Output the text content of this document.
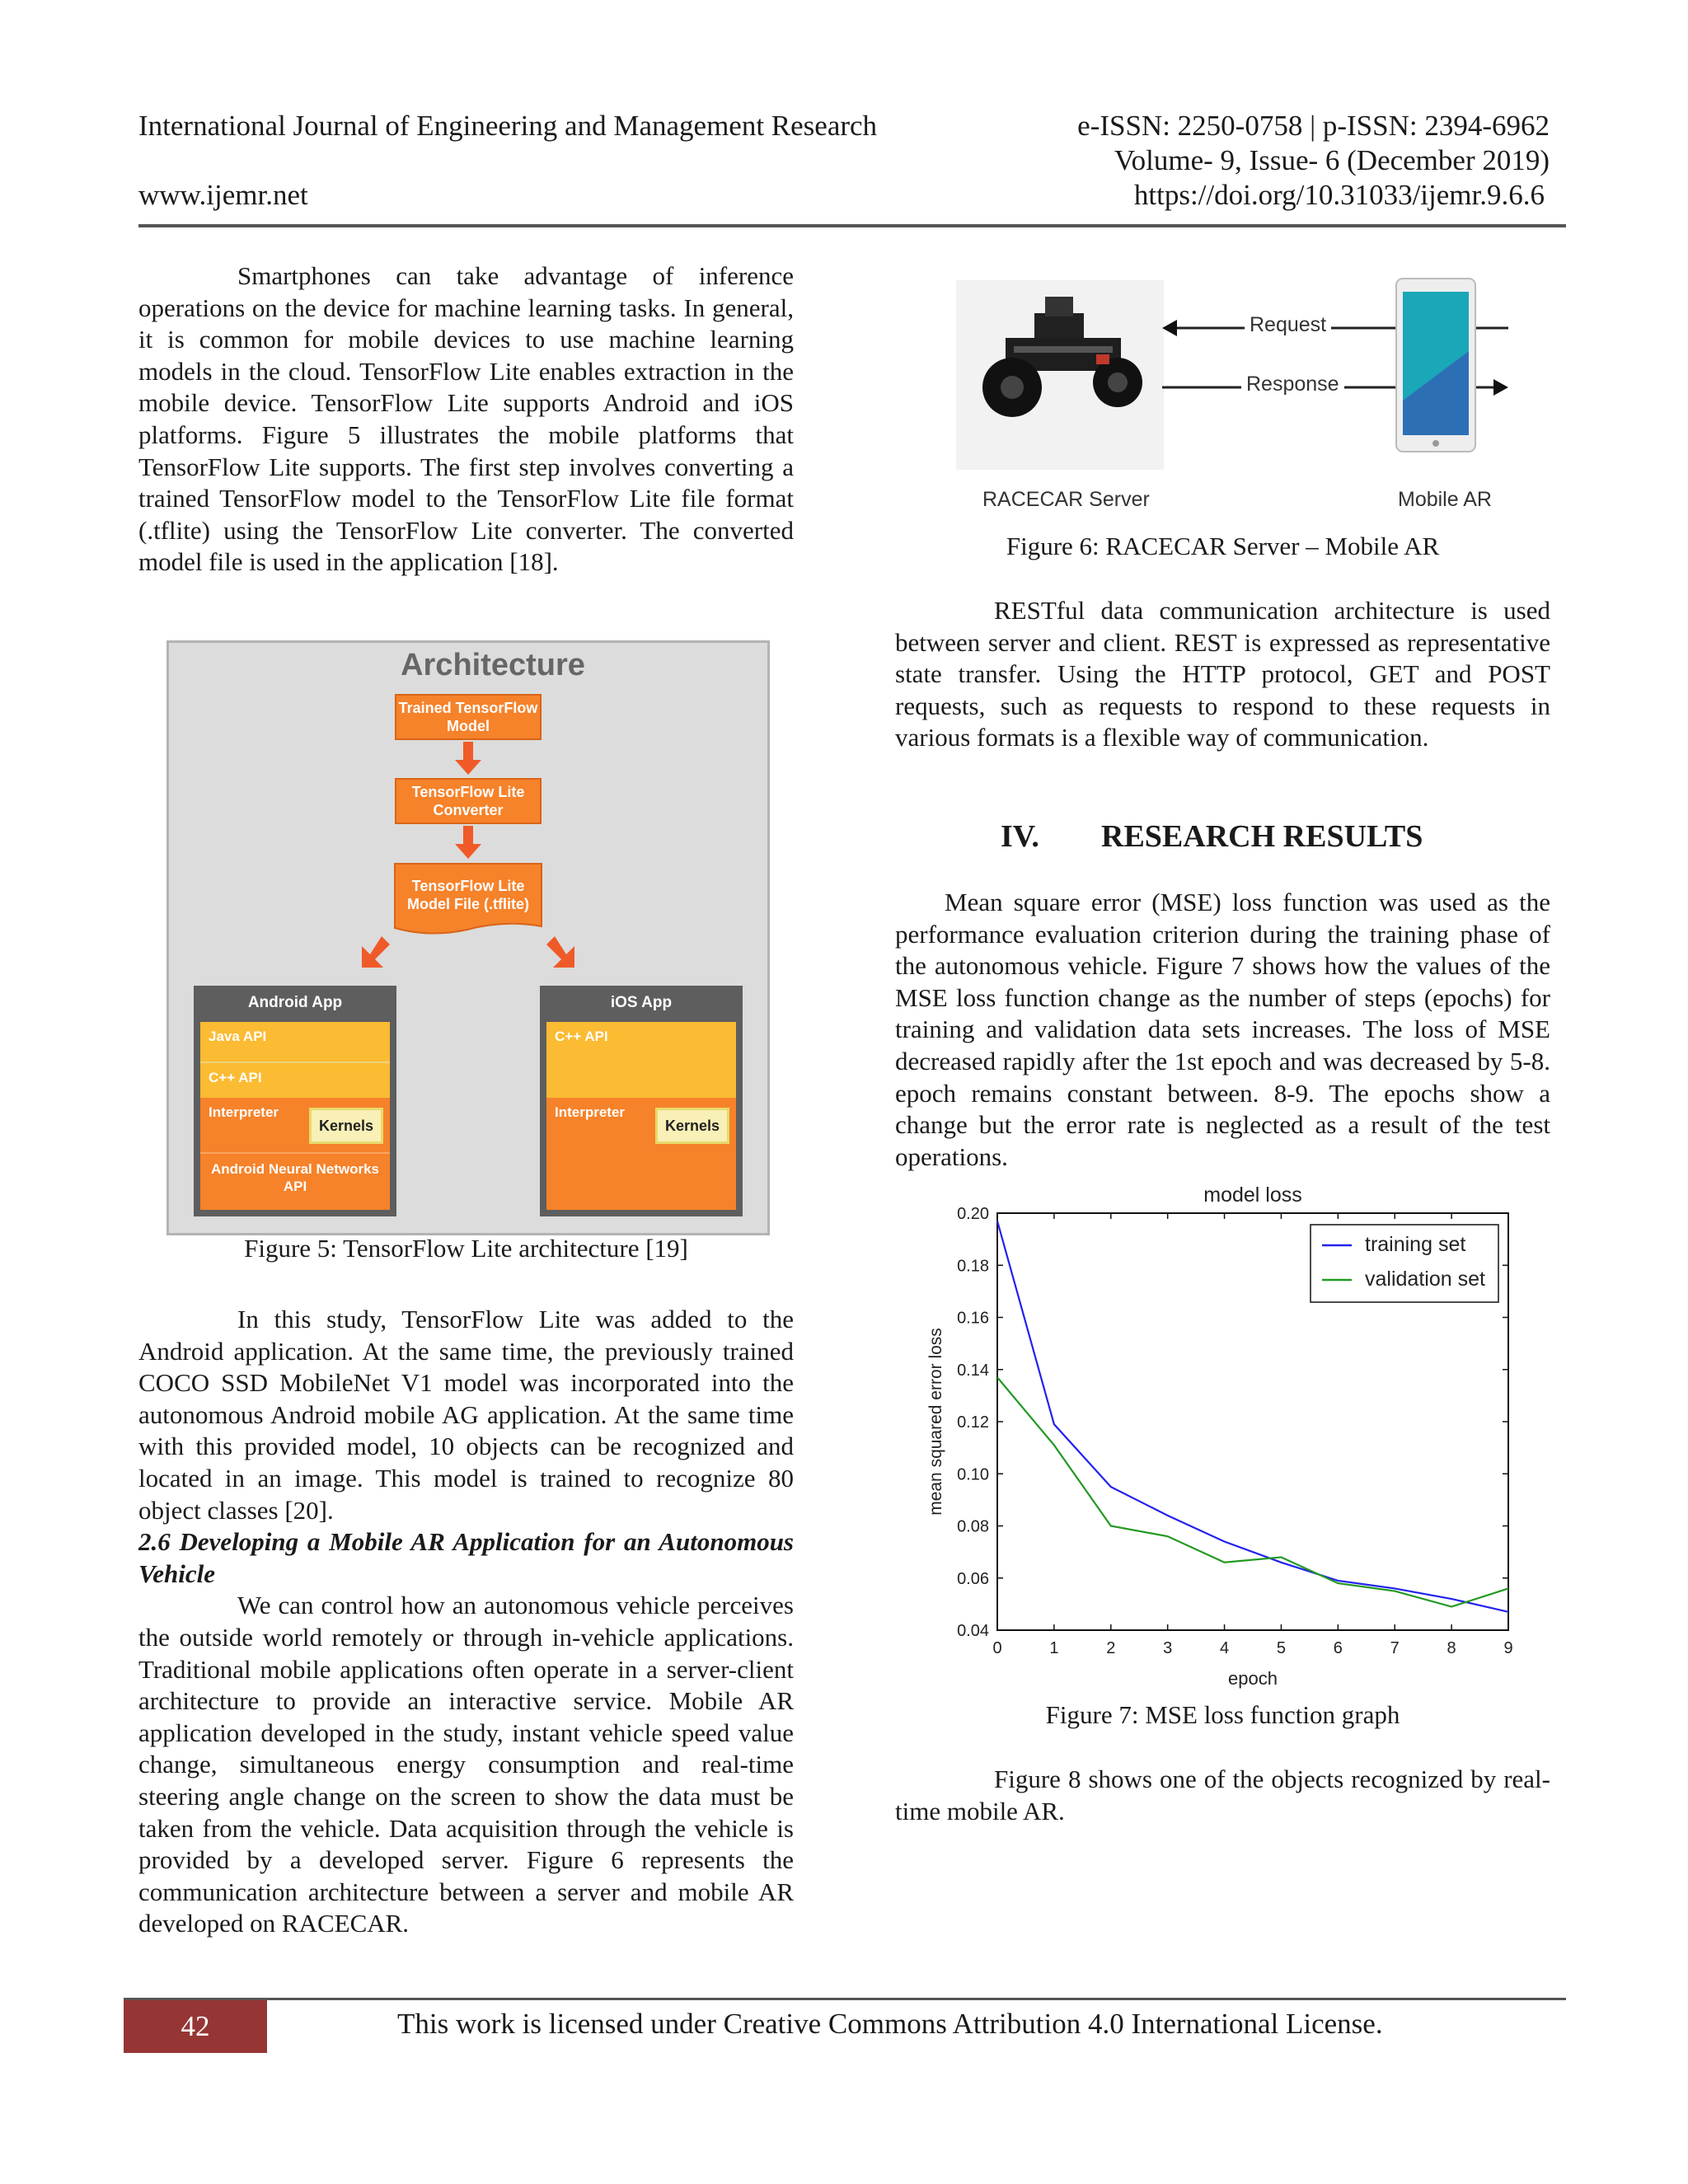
International Journal of Engineering and Management Research	e-ISSN: 2250-0758 | p-ISSN: 2394-6962
Volume- 9, Issue- 6 (December 2019)
www.ijemr.net	https://doi.org/10.31033/ijemr.9.6.6

Smartphones can take advantage of inference operations on the device for machine learning tasks. In general, it is common for mobile devices to use machine learning models in the cloud. TensorFlow Lite enables extraction in the mobile device. TensorFlow Lite supports Android and iOS platforms. Figure 5 illustrates the mobile platforms that TensorFlow Lite supports. The first step involves converting a trained TensorFlow model to the TensorFlow Lite file format (.tflite) using the TensorFlow Lite converter. The converted model file is used in the application [18].

Architecture
Trained TensorFlow Model
TensorFlow Lite Converter
TensorFlow Lite Model File (.tflite)
Android App
Java API
C++ API
Interpreter
Kernels
Android Neural Networks API
iOS App
C++ API
Interpreter
Kernels
Figure 5: TensorFlow Lite architecture [19]

In this study, TensorFlow Lite was added to the Android application. At the same time, the previously trained COCO SSD MobileNet V1 model was incorporated into the autonomous Android mobile AG application. At the same time with this provided model, 10 objects can be recognized and located in an image. This model is trained to recognize 80 object classes [20].

2.6 Developing a Mobile AR Application for an Autonomous Vehicle

We can control how an autonomous vehicle perceives the outside world remotely or through in-vehicle applications. Traditional mobile applications often operate in a server-client architecture to provide an interactive service. Mobile AR application developed in the study, instant vehicle speed value change, simultaneous energy consumption and real-time steering angle change on the screen to show the data must be taken from the vehicle. Data acquisition through the vehicle is provided by a developed server. Figure 6 represents the communication architecture between a server and mobile AR developed on RACECAR.

Request
Response
RACECAR Server	Mobile AR
Figure 6: RACECAR Server – Mobile AR

RESTful data communication architecture is used between server and client. REST is expressed as representative state transfer. Using the HTTP protocol, GET and POST requests, such as requests to respond to these requests in various formats is a flexible way of communication.

IV. RESEARCH RESULTS

Mean square error (MSE) loss function was used as the performance evaluation criterion during the training phase of the autonomous vehicle. Figure 7 shows how the values of the MSE loss function change as the number of steps (epochs) for training and validation data sets increases. The loss of MSE decreased rapidly after the 1st epoch and was decreased by 5-8. epoch remains constant between. 8-9. The epochs show a change but the error rate is neglected as a result of the test operations.

model loss
0.20
0.18
0.16
0.14
0.12
0.10
0.08
0.06
0.04
0	1	2	3	4	5	6	7	8	9
epoch
mean squared error loss
training set
validation set
Figure 7: MSE loss function graph

Figure 8 shows one of the objects recognized by real-time mobile AR.

42	This work is licensed under Creative Commons Attribution 4.0 International License.
